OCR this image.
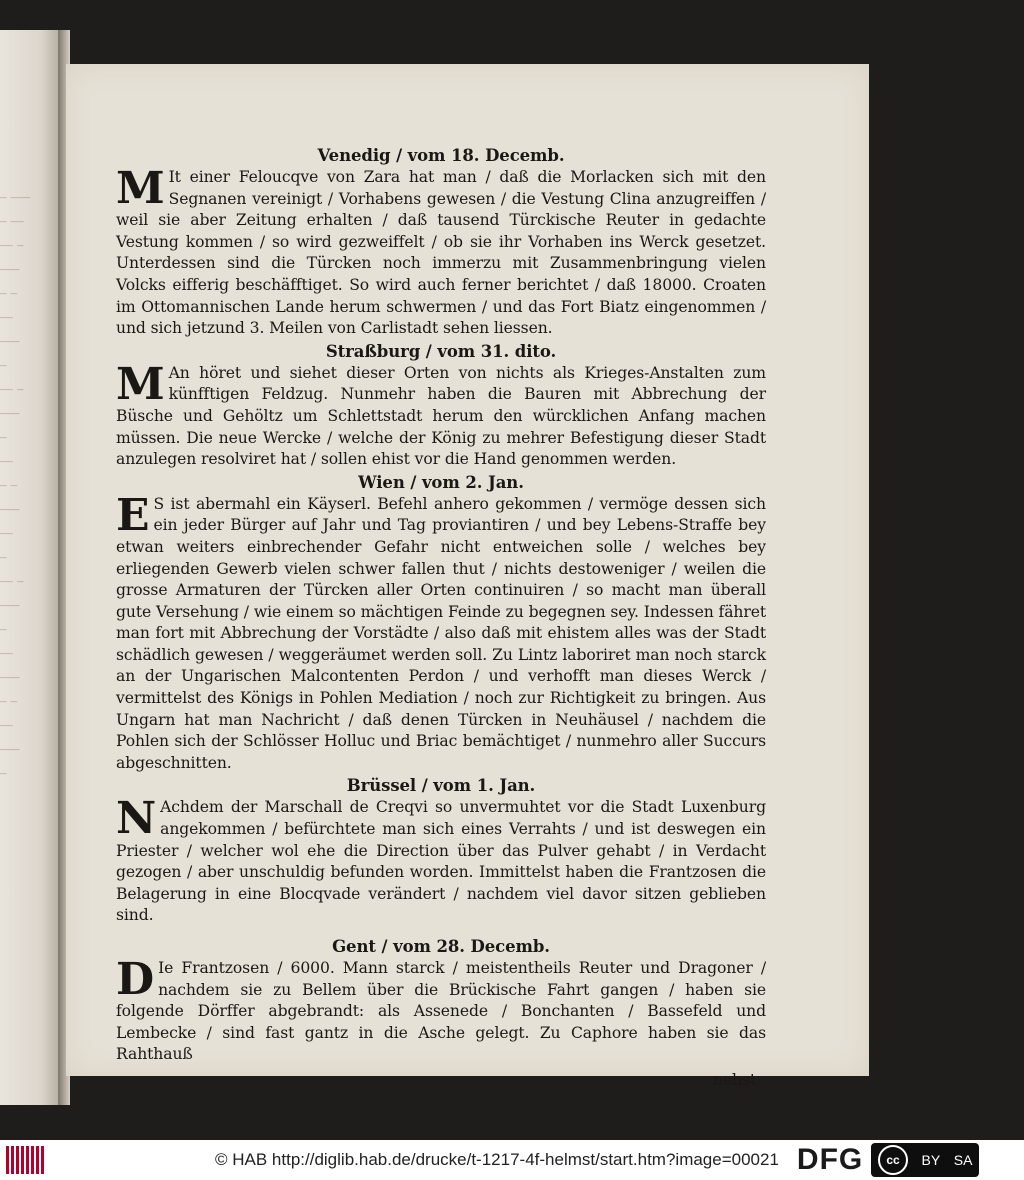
_ ___
_ __
__ _
___
_ _
__
___
_
__ _
___
_
__
_ _
___
__
_
__ _
___
_
__
___
_ _
__
___
_

Venedig / vom 18. Decemb.

M It einer Feloucqve von Zara hat man / daß die Morlacken sich mit den Segnanen vereinigt / Vorhabens gewesen / die Vestung Clina anzugreiffen / weil sie aber Zeitung erhalten / daß tausend Türckische Reuter in gedachte Vestung kommen / so wird gezweiffelt / ob sie ihr Vorhaben ins Werck gesetzet. Unterdessen sind die Türcken noch immerzu mit Zusammenbringung vielen Volcks eifferig beschäfftiget. So wird auch ferner berichtet / daß 18000. Croaten im Ottomannischen Lande herum schwermen / und das Fort Biatz eingenommen / und sich jetzund 3. Meilen von Carlistadt sehen liessen.

Straßburg / vom 31. dito.

M An höret und siehet dieser Orten von nichts als Krieges-Anstalten zum künfftigen Feldzug. Nunmehr haben die Bauren mit Abbrechung der Büsche und Gehöltz um Schlettstadt herum den würcklichen Anfang machen müssen. Die neue Wercke / welche der König zu mehrer Befestigung dieser Stadt anzulegen resolviret hat / sollen ehist vor die Hand genommen werden.

Wien / vom 2. Jan.

E S ist abermahl ein Käyserl. Befehl anhero gekommen / vermöge dessen sich ein jeder Bürger auf Jahr und Tag proviantiren / und bey Lebens-Straffe bey etwan weiters einbrechender Gefahr nicht entweichen solle / welches bey erliegenden Gewerb vielen schwer fallen thut / nichts destoweniger / weilen die grosse Armaturen der Türcken aller Orten continuiren / so macht man überall gute Versehung / wie einem so mächtigen Feinde zu begegnen sey. Indessen fähret man fort mit Abbrechung der Vorstädte / also daß mit ehistem alles was der Stadt schädlich gewesen / weggeräumet werden soll. Zu Lintz laboriret man noch starck an der Ungarischen Malcontenten Perdon / und verhofft man dieses Werck / vermittelst des Königs in Pohlen Mediation / noch zur Richtigkeit zu bringen. Aus Ungarn hat man Nachricht / daß denen Türcken in Neuhäusel / nachdem die Pohlen sich der Schlösser Holluc und Briac bemächtiget / nunmehro aller Succurs abgeschnitten.

Brüssel / vom 1. Jan.

N Achdem der Marschall de Creqvi so unvermuhtet vor die Stadt Luxenburg angekommen / befürchtete man sich eines Verrahts / und ist deswegen ein Priester / welcher wol ehe die Direction über das Pulver gehabt / in Verdacht gezogen / aber unschuldig befunden worden. Immittelst haben die Frantzosen die Belagerung in eine Blocqvade verändert / nachdem viel davor sitzen geblieben sind.

Gent / vom 28. Decemb.

D Ie Frantzosen / 6000. Mann starck / meistentheils Reuter und Dragoner / nachdem sie zu Bellem über die Brückische Fahrt gangen / haben sie folgende Dörffer abgebrandt: als Assenede / Bonchanten / Bassefeld und Lembecke / sind fast gantz in die Asche gelegt. Zu Caphore haben sie das Rahthauß

nebst

© HAB http://diglib.hab.de/drucke/t-1217-4f-helmst/start.htm?image=00021 DFG	cc	BY SA
